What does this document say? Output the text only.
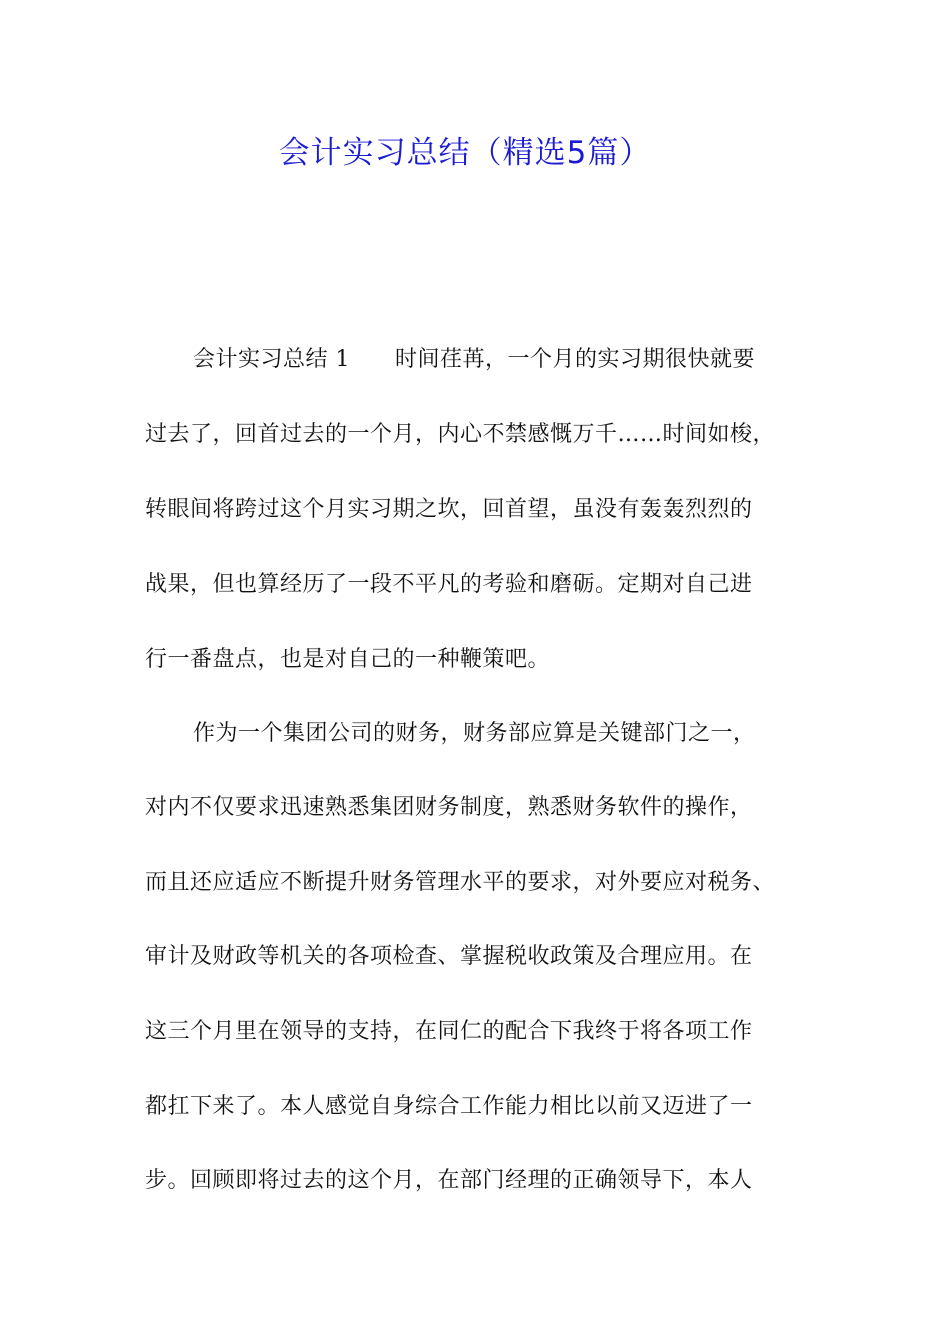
会计实习总结（精选5篇）
会计实习总结 1　　时间荏苒，一个月的实习期很快就要
过去了，回首过去的一个月，内心不禁感慨万千……时间如梭，
转眼间将跨过这个月实习期之坎，回首望，虽没有轰轰烈烈的
战果，但也算经历了一段不平凡的考验和磨砺。定期对自己进
行一番盘点，也是对自己的一种鞭策吧。
作为一个集团公司的财务，财务部应算是关键部门之一，
对内不仅要求迅速熟悉集团财务制度，熟悉财务软件的操作，
而且还应适应不断提升财务管理水平的要求，对外要应对税务、
审计及财政等机关的各项检查、掌握税收政策及合理应用。在
这三个月里在领导的支持，在同仁的配合下我终于将各项工作
都扛下来了。本人感觉自身综合工作能力相比以前又迈进了一
步。回顾即将过去的这个月，在部门经理的正确领导下，本人
